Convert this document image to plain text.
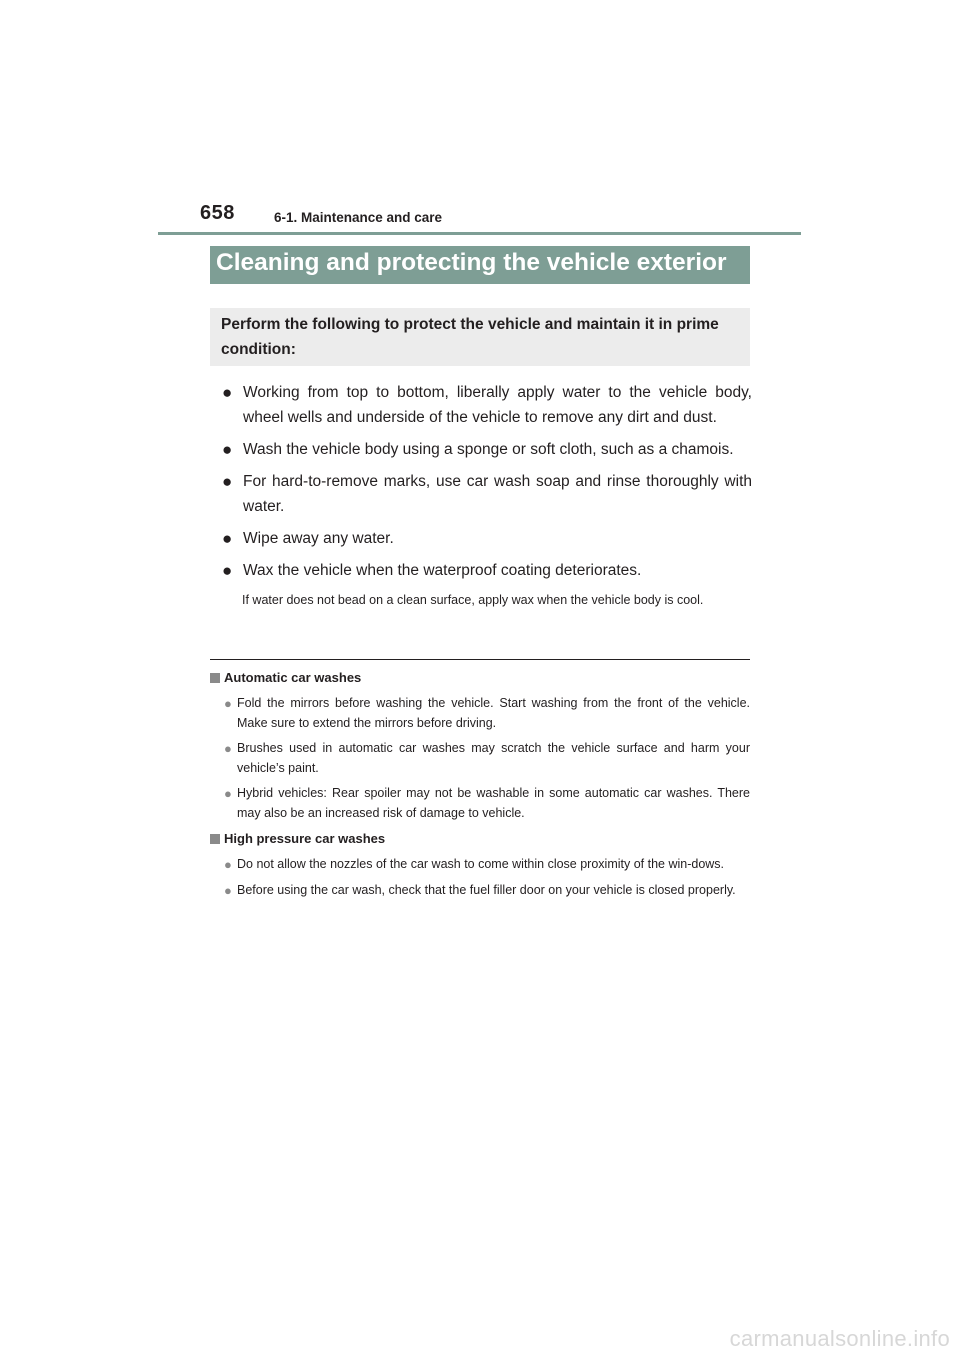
658	6-1. Maintenance and care
Cleaning and protecting the vehicle exterior
Perform the following to protect the vehicle and maintain it in prime condition:
● Working from top to bottom, liberally apply water to the vehicle body, wheel wells and underside of the vehicle to remove any dirt and dust.
● Wash the vehicle body using a sponge or soft cloth, such as a chamois.
● For hard-to-remove marks, use car wash soap and rinse thoroughly with water.
● Wipe away any water.
● Wax the vehicle when the waterproof coating deteriorates.
If water does not bead on a clean surface, apply wax when the vehicle body is cool.
Automatic car washes
● Fold the mirrors before washing the vehicle. Start washing from the front of the vehicle. Make sure to extend the mirrors before driving.
● Brushes used in automatic car washes may scratch the vehicle surface and harm your vehicle’s paint.
● Hybrid vehicles: Rear spoiler may not be washable in some automatic car washes. There may also be an increased risk of damage to vehicle.
High pressure car washes
● Do not allow the nozzles of the car wash to come within close proximity of the win-dows.
● Before using the car wash, check that the fuel filler door on your vehicle is closed properly.
carmanualsonline.info
